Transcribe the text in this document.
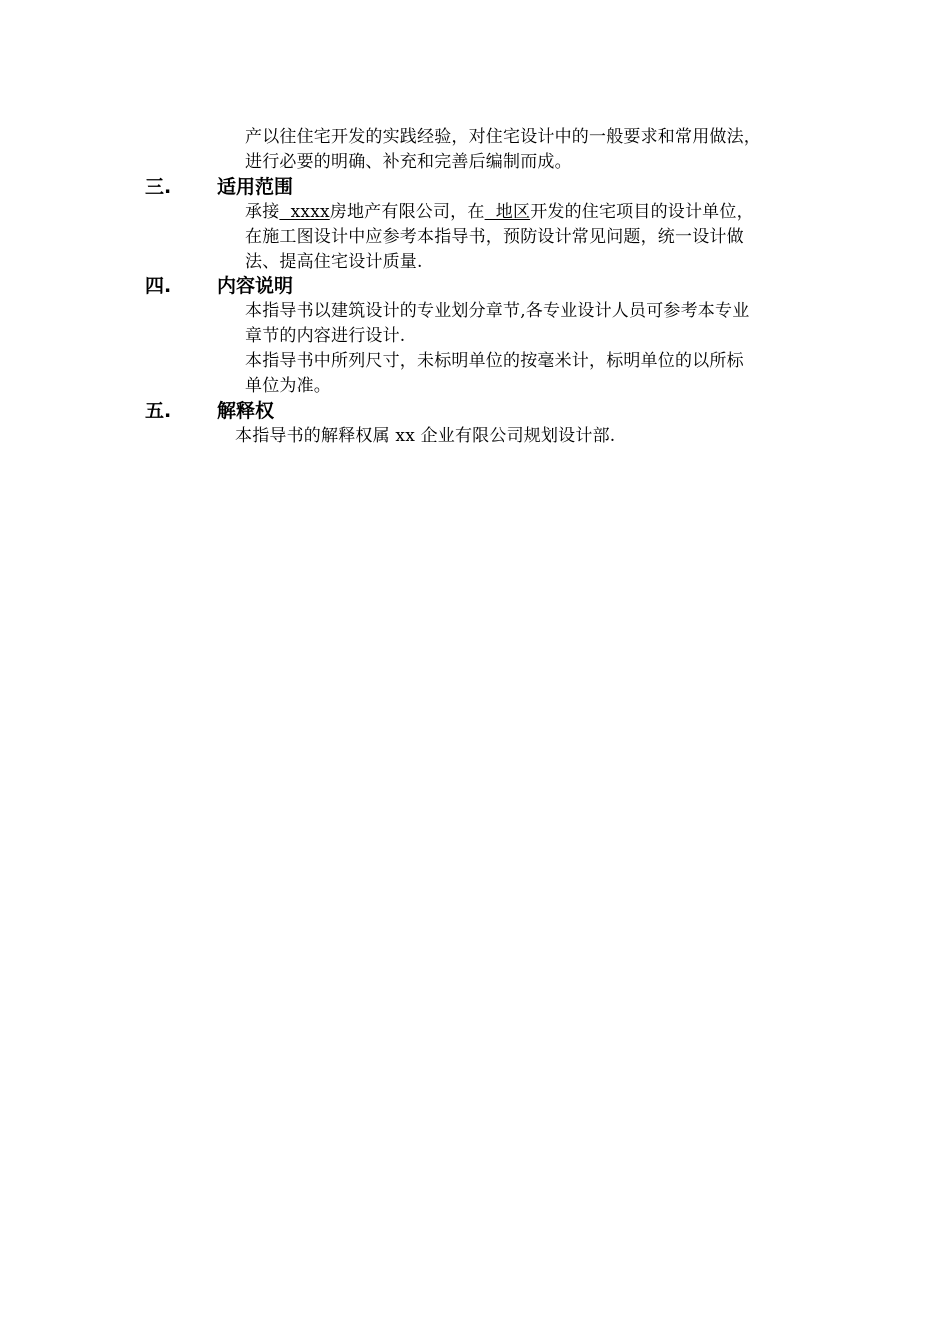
产以往住宅开发的实践经验，对住宅设计中的一般要求和常用做法，
进行必要的明确、补充和完善后编制而成。
三. 适用范围
承接  xxxx房地产有限公司，在  地区开发的住宅项目的设计单位，
在施工图设计中应参考本指导书，预防设计常见问题，统一设计做
法、提高住宅设计质量.
四. 内容说明
本指导书以建筑设计的专业划分章节,各专业设计人员可参考本专业
章节的内容进行设计.
本指导书中所列尺寸，未标明单位的按毫米计，标明单位的以所标
单位为准。
五. 解释权
本指导书的解释权属 xx 企业有限公司规划设计部.
